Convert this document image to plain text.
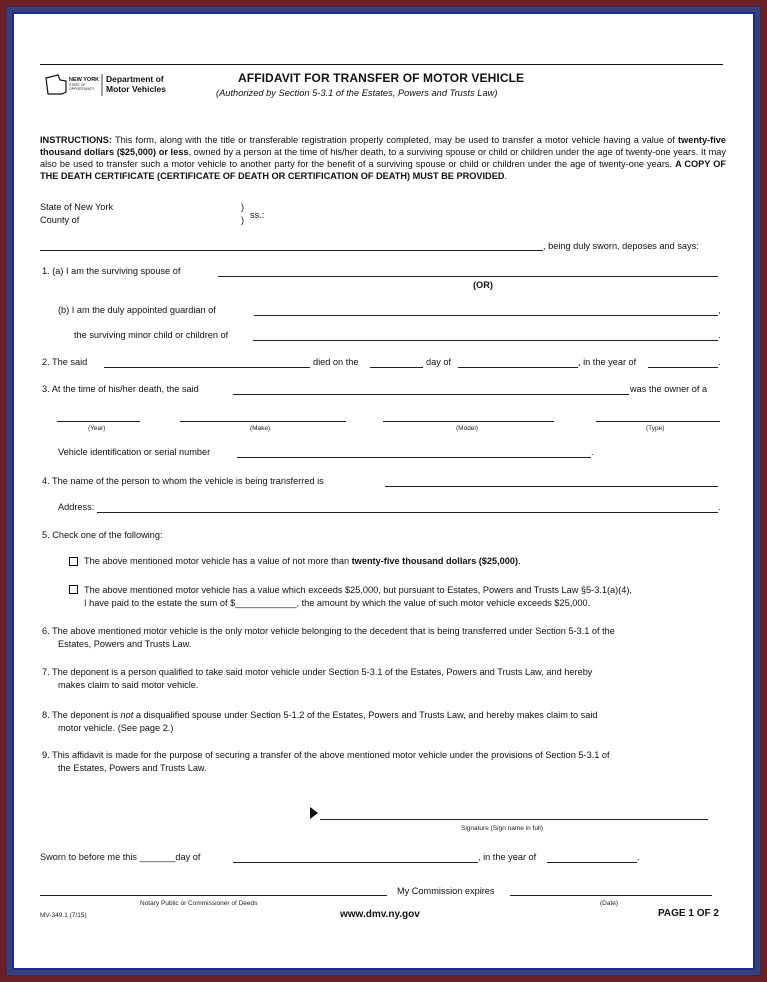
NEW YORK
STATE OF
OPPORTUNITY.
Department of
Motor Vehicles
AFFIDAVIT FOR TRANSFER OF MOTOR VEHICLE
(Authorized by Section 5-3.1 of the Estates, Powers and Trusts Law)
INSTRUCTIONS: This form, along with the title or transferable registration properly completed, may be used to transfer a motor vehicle having a value of twenty-five thousand dollars ($25,000) or less, owned by a person at the time of his/her death, to a surviving spouse or child or children under the age of twenty-one years. It may also be used to transfer such a motor vehicle to another party for the benefit of a surviving spouse or child or children under the age of twenty-one years. A COPY OF THE DEATH CERTIFICATE (CERTIFICATE OF DEATH OR CERTIFICATION OF DEATH) MUST BE PROVIDED.
State of New York
County of
)
) ss.:
, being duly sworn, deposes and says:
1. (a) I am the surviving spouse of
(OR)
(b) I am the duly appointed guardian of	,
the surviving minor child or children of	.
2. The said	died on the	day of	, in the year of	.
3. At the time of his/her death, the said	was the owner of a
(Year)	(Make)	(Model)	(Type)
Vehicle identification or serial number	.
4. The name of the person to whom the vehicle is being transferred is
Address:	.
5. Check one of the following:
The above mentioned motor vehicle has a value of not more than twenty-five thousand dollars ($25,000).
The above mentioned motor vehicle has a value which exceeds $25,000, but pursuant to Estates, Powers and Trusts Law §5-3.1(a)(4),
I have paid to the estate the sum of $____________, the amount by which the value of such motor vehicle exceeds $25,000.
6. The above mentioned motor vehicle is the only motor vehicle belonging to the decedent that is being transferred under Section 5-3.1 of the
Estates, Powers and Trusts Law.
7. The deponent is a person qualified to take said motor vehicle under Section 5-3.1 of the Estates, Powers and Trusts Law, and hereby
makes claim to said motor vehicle.
8. The deponent is not a disqualified spouse under Section 5-1.2 of the Estates, Powers and Trusts Law, and hereby makes claim to said
motor vehicle. (See page 2.)
9. This affidavit is made for the purpose of securing a transfer of the above mentioned motor vehicle under the provisions of Section 5-3.1 of
the Estates, Powers and Trusts Law.
Signature (Sign name in full)
Sworn to before me this _______day of	, in the year of	.
My Commission expires
Notary Public or Commissioner of Deeds	(Date)
MV-349.1 (7/15)	www.dmv.ny.gov	PAGE 1 OF 2
